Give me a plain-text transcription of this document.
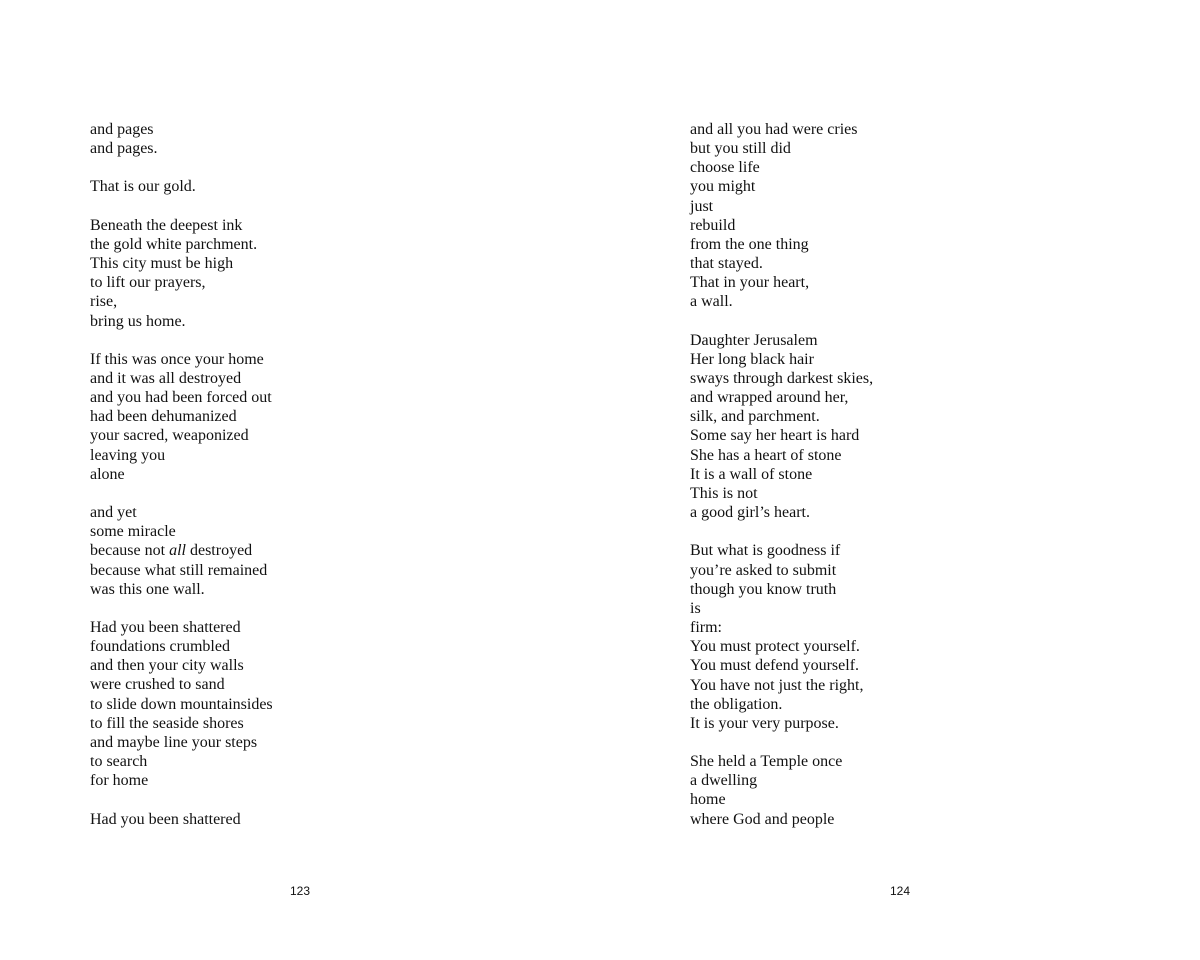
and pages
and pages.
That is our gold.
Beneath the deepest ink
the gold white parchment.
This city must be high
to lift our prayers,
rise,
bring us home.
If this was once your home
and it was all destroyed
and you had been forced out
had been dehumanized
your sacred, weaponized
leaving you
alone
and yet
some miracle
because not all destroyed
because what still remained
was this one wall.
Had you been shattered
foundations crumbled
and then your city walls
were crushed to sand
to slide down mountainsides
to fill the seaside shores
and maybe line your steps
to search
for home
Had you been shattered
123
and all you had were cries
but you still did
choose life
you might
just
rebuild
from the one thing
that stayed.
That in your heart,
a wall.
Daughter Jerusalem
Her long black hair
sways through darkest skies,
and wrapped around her,
silk, and parchment.
Some say her heart is hard
She has a heart of stone
It is a wall of stone
This is not
a good girl’s heart.
But what is goodness if
you’re asked to submit
though you know truth
is
firm:
You must protect yourself.
You must defend yourself.
You have not just the right,
the obligation.
It is your very purpose.
She held a Temple once
a dwelling
home
where God and people
124
